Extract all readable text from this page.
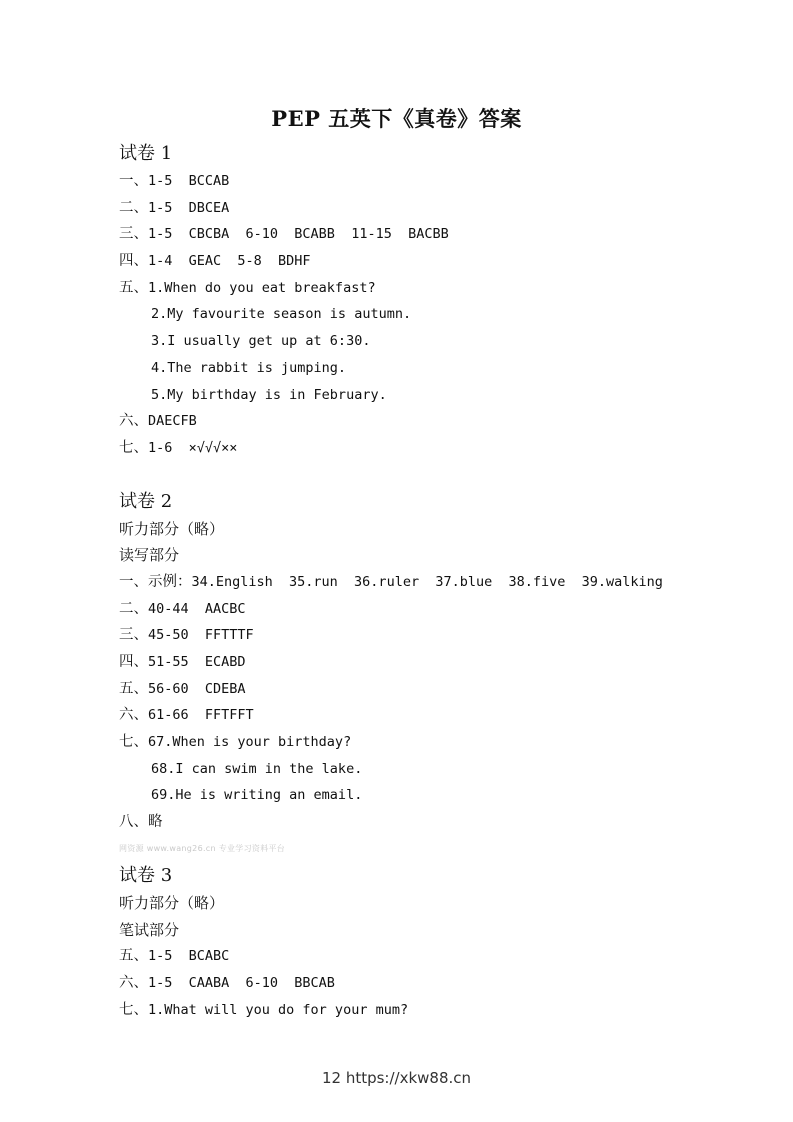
PEP 五英下《真卷》答案
试卷 1
一、1-5  BCCAB
二、1-5  DBCEA
三、1-5  CBCBA  6-10  BCABB  11-15  BACBB
四、1-4  GEAC  5-8  BDHF
五、1.When do you eat breakfast?
2.My favourite season is autumn.
3.I usually get up at 6:30.
4.The rabbit is jumping.
5.My birthday is in February.
六、DAECFB
七、1-6  ×√√√××
试卷 2
听力部分（略）
读写部分
一、示例：34.English  35.run  36.ruler  37.blue  38.five  39.walking
二、40-44  AACBC
三、45-50  FFTTTF
四、51-55  ECABD
五、56-60  CDEBA
六、61-66  FFTFFT
七、67.When is your birthday?
68.I can swim in the lake.
69.He is writing an email.
八、略
试卷 3
听力部分（略）
笔试部分
五、1-5  BCABC
六、1-5  CAABA  6-10  BBCAB
七、1.What will you do for your mum?
网资源 www.wang26.cn 专业学习资料平台
12 https://xkw88.cn
